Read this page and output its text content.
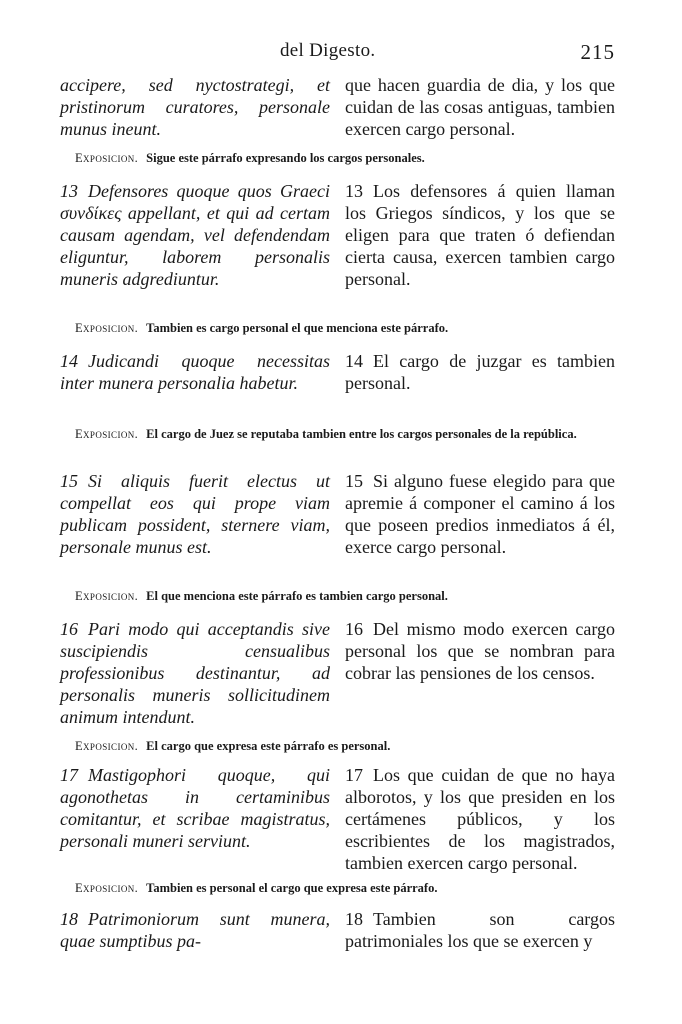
del Digesto.	215

accipere, sed nyctostrategi, et pristinorum curatores, personale munus ineunt.

que hacen guardia de dia, y los que cuidan de las cosas antiguas, tambien exercen cargo personal.

Exposicion. Sigue este párrafo expresando los cargos personales.

13 Defensores quoque quos Graeci συνδίκες appellant, et qui ad certam causam agendam, vel defendendam eliguntur, laborem personalis muneris adgrediuntur.

13 Los defensores á quien llaman los Griegos síndicos, y los que se eligen para que traten ó defiendan cierta causa, exercen tambien cargo personal.

Exposicion. Tambien es cargo personal el que menciona este párrafo.

14 Judicandi quoque necessitas inter munera personalia habetur.

14 El cargo de juzgar es tambien personal.

Exposicion. El cargo de Juez se reputaba tambien entre los cargos personales de la república.

15 Si aliquis fuerit electus ut compellat eos qui prope viam publicam possident, sternere viam, personale munus est.

15 Si alguno fuese elegido para que apremie á componer el camino á los que poseen predios inmediatos á él, exerce cargo personal.

Exposicion. El que menciona este párrafo es tambien cargo personal.

16 Pari modo qui acceptandis sive suscipiendis censualibus professionibus destinantur, ad personalis muneris sollicitudinem animum intendunt.

16 Del mismo modo exercen cargo personal los que se nombran para cobrar las pensiones de los censos.

Exposicion. El cargo que expresa este párrafo es personal.

17 Mastigophori quoque, qui agonothetas in certaminibus comitantur, et scribae magistratus, personali muneri serviunt.

17 Los que cuidan de que no haya alborotos, y los que presiden en los certámenes públicos, y los escribientes de los magistrados, tambien exercen cargo personal.

Exposicion. Tambien es personal el cargo que expresa este párrafo.

18 Patrimoniorum sunt munera, quae sumptibus pa-

18 Tambien son cargos patrimoniales los que se exercen y
